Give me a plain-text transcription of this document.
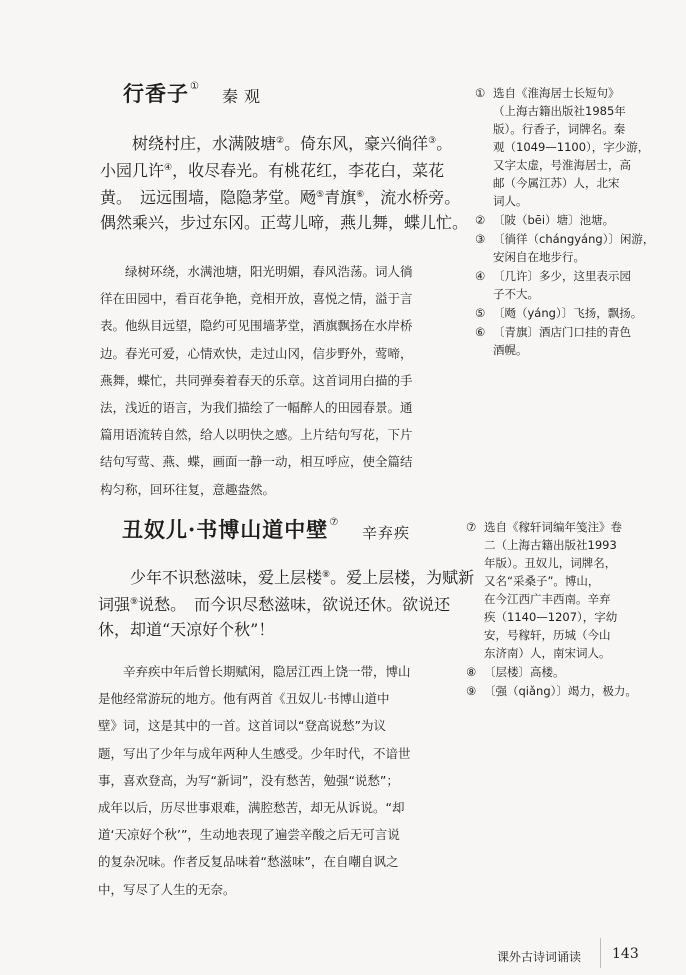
行香子①
秦观
树绕村庄，水满陂塘②。倚东风，豪兴徜徉③。
小园几许④，收尽春光。有桃花红，李花白，菜花
黄。　远远围墙，隐隐茅堂。飏⑤青旗⑥，流水桥旁。
偶然乘兴，步过东冈。正莺儿啼，燕儿舞，蝶儿忙。
绿树环绕，水满池塘，阳光明媚，春风浩荡。词人徜
徉在田园中，看百花争艳，竞相开放，喜悦之情，溢于言
表。他纵目远望，隐约可见围墙茅堂，酒旗飘扬在水岸桥
边。春光可爱，心情欢快，走过山冈，信步野外，莺啼，
燕舞，蝶忙，共同弹奏着春天的乐章。这首词用白描的手
法，浅近的语言，为我们描绘了一幅醉人的田园春景。通
篇用语流转自然，给人以明快之感。上片结句写花，下片
结句写莺、燕、蝶，画面一静一动，相互呼应，使全篇结
构匀称，回环往复，意趣盎然。
① 选自《淮海居士长短句》
（上海古籍出版社1985年
版）。行香子，词牌名。秦
观（1049—1100），字少游，
又字太虚，号淮海居士，高
邮（今属江苏）人，北宋
词人。
② 〔陂（bēi）塘〕池塘。
③ 〔徜徉（chángyáng）〕闲游，
安闲自在地步行。
④ 〔几许〕多少，这里表示园
子不大。
⑤ 〔飏（yáng）〕飞扬，飘扬。
⑥ 〔青旗〕酒店门口挂的青色
酒幌。
丑奴儿·书博山道中壁⑦
辛弃疾
少年不识愁滋味，爱上层楼⑧。爱上层楼，为赋新
词强⑨说愁。　而今识尽愁滋味，欲说还休。欲说还
休，却道“天凉好个秋”！
辛弃疾中年后曾长期赋闲，隐居江西上饶一带，博山
是他经常游玩的地方。他有两首《丑奴儿·书博山道中
壁》词，这是其中的一首。这首词以“登高说愁”为议
题，写出了少年与成年两种人生感受。少年时代，不谙世
事，喜欢登高，为写“新词”，没有愁苦，勉强“说愁”；
成年以后，历尽世事艰难，满腔愁苦，却无从诉说。“却
道‘天凉好个秋’”，生动地表现了遍尝辛酸之后无可言说
的复杂况味。作者反复品味着“愁滋味”，在自嘲自讽之
中，写尽了人生的无奈。
⑦ 选自《稼轩词编年笺注》卷
二（上海古籍出版社1993
年版）。丑奴儿，词牌名，
又名“采桑子”。博山，
在今江西广丰西南。辛弃
疾（1140—1207），字幼
安，号稼轩，历城（今山
东济南）人，南宋词人。
⑧ 〔层楼〕高楼。
⑨ 〔强（qiǎng）〕竭力，极力。
课外古诗词诵读 143
